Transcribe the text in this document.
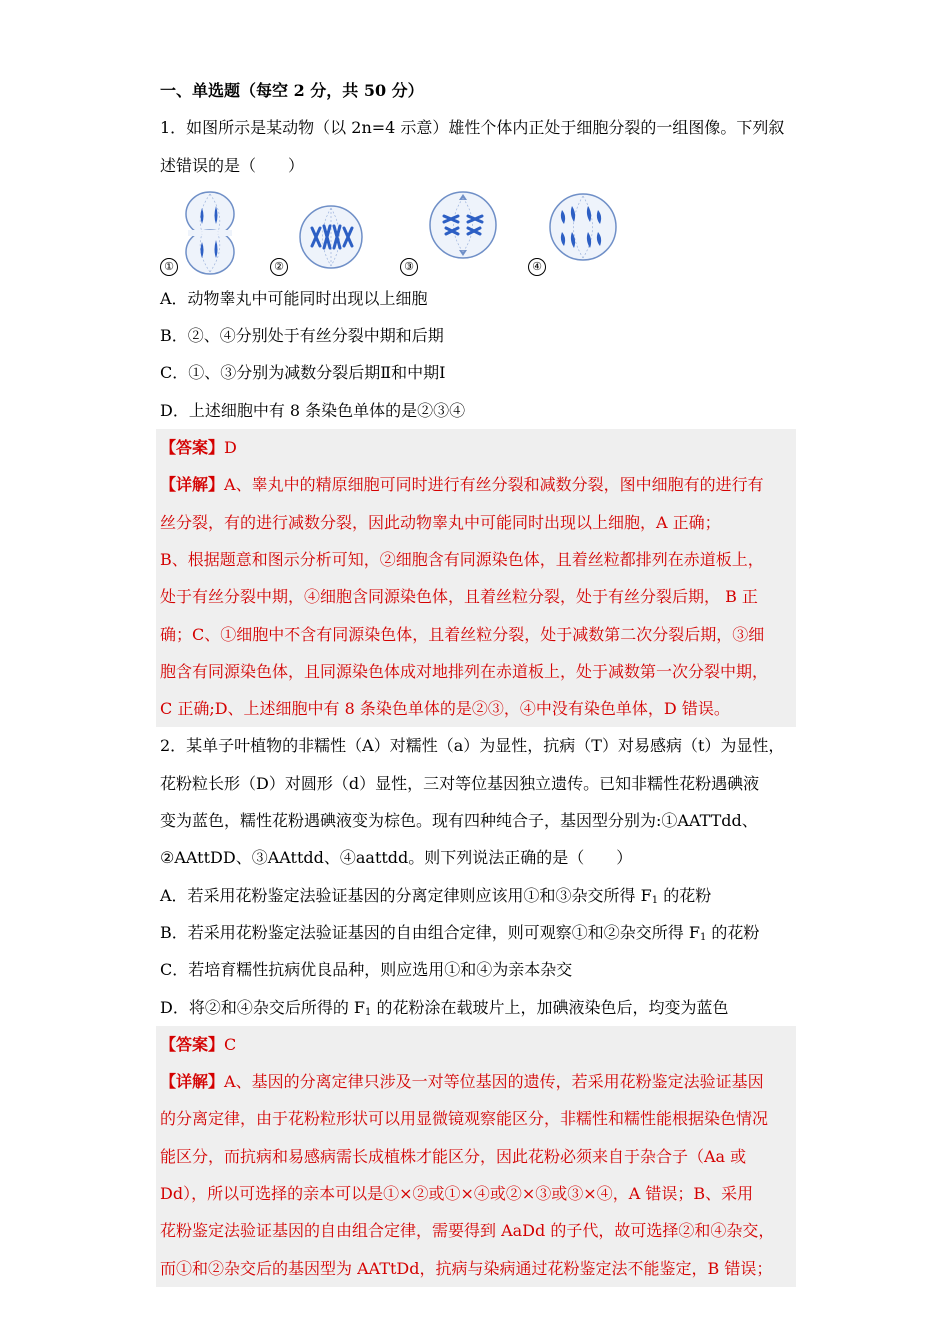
一、单选题（每空 2 分，共 50 分）
1．如图所示是某动物（以 2n=4 示意）雄性个体内正处于细胞分裂的一组图像。下列叙
述错误的是（　　）
①	②	③	④
A．动物睾丸中可能同时出现以上细胞
B．②、④分别处于有丝分裂中期和后期
C．①、③分别为减数分裂后期Ⅱ和中期Ⅰ
D．上述细胞中有 8 条染色单体的是②③④
【答案】D
【详解】A、睾丸中的精原细胞可同时进行有丝分裂和减数分裂，图中细胞有的进行有
丝分裂，有的进行减数分裂，因此动物睾丸中可能同时出现以上细胞，A 正确；
B、根据题意和图示分析可知，②细胞含有同源染色体，且着丝粒都排列在赤道板上，
处于有丝分裂中期，④细胞含同源染色体，且着丝粒分裂，处于有丝分裂后期， B 正
确；C、①细胞中不含有同源染色体，且着丝粒分裂，处于减数第二次分裂后期，③细
胞含有同源染色体，且同源染色体成对地排列在赤道板上，处于减数第一次分裂中期，
C 正确;D、上述细胞中有 8 条染色单体的是②③，④中没有染色单体，D 错误。
2．某单子叶植物的非糯性（A）对糯性（a）为显性，抗病（T）对易感病（t）为显性，
花粉粒长形（D）对圆形（d）显性，三对等位基因独立遗传。已知非糯性花粉遇碘液
变为蓝色，糯性花粉遇碘液变为棕色。现有四种纯合子，基因型分别为:①AATTdd、
②AAttDD、③AAttdd、④aattdd。则下列说法正确的是（　　）
A．若采用花粉鉴定法验证基因的分离定律则应该用①和③杂交所得 $F_1$ 的花粉
B．若采用花粉鉴定法验证基因的自由组合定律，则可观察①和②杂交所得 $F_1$ 的花粉
C．若培育糯性抗病优良品种，则应选用①和④为亲本杂交
D．将②和④杂交后所得的 $F_1$ 的花粉涂在载玻片上，加碘液染色后，均变为蓝色
【答案】C
【详解】A、基因的分离定律只涉及一对等位基因的遗传，若采用花粉鉴定法验证基因
的分离定律，由于花粉粒形状可以用显微镜观察能区分，非糯性和糯性能根据染色情况
能区分，而抗病和易感病需长成植株才能区分，因此花粉必须来自于杂合子（Aa 或
Dd），所以可选择的亲本可以是①×②或①×④或②×③或③×④，A 错误；B、采用
花粉鉴定法验证基因的自由组合定律，需要得到 AaDd 的子代，故可选择②和④杂交，
而①和②杂交后的基因型为 AATtDd，抗病与染病通过花粉鉴定法不能鉴定，B 错误；
